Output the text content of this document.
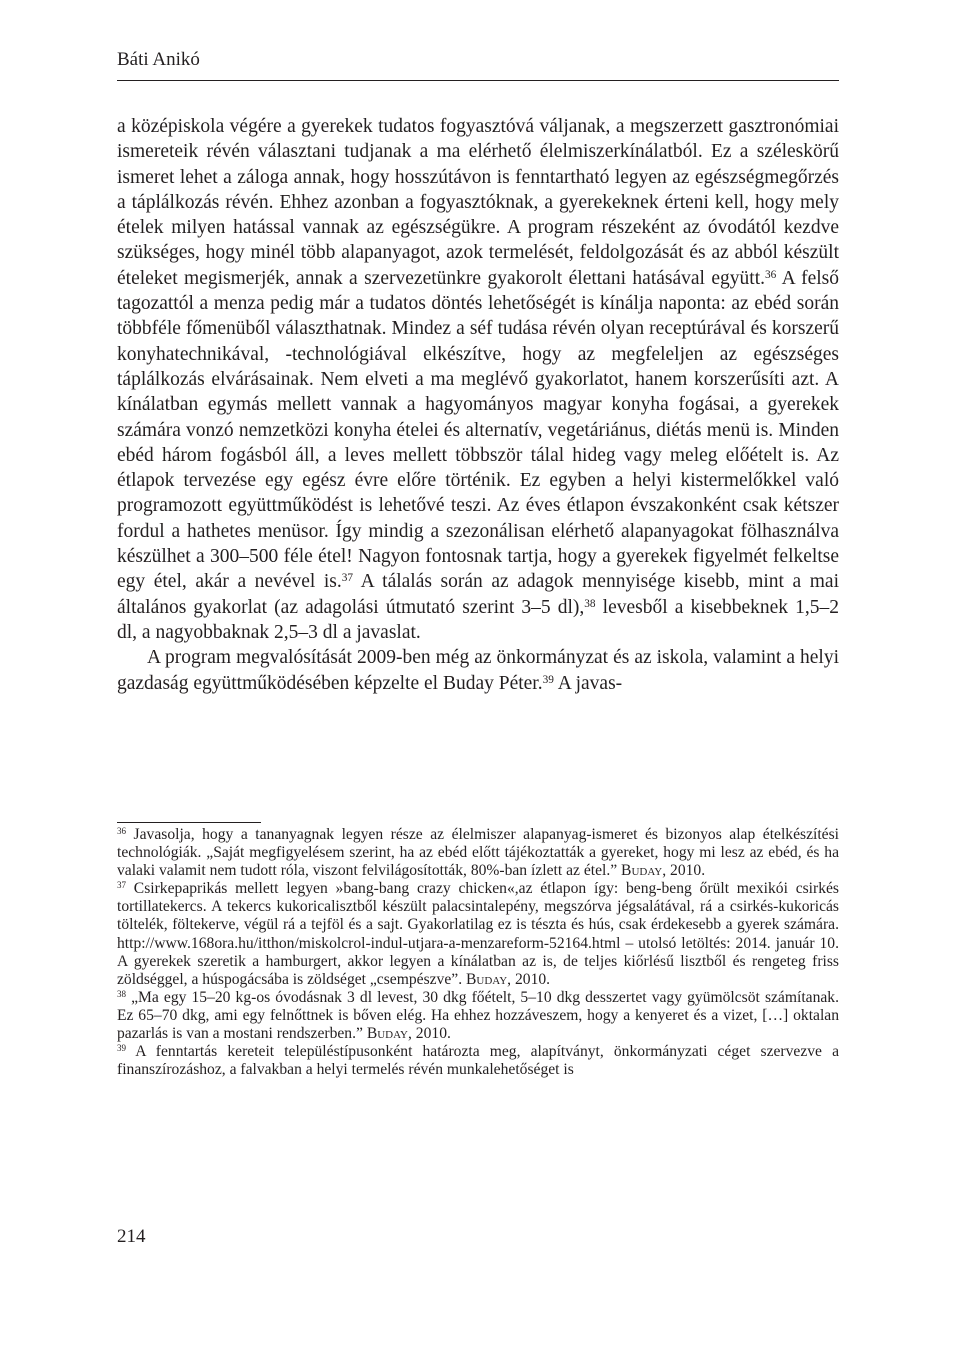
Báti Anikó

a középiskola végére a gyerekek tudatos fogyasztóvá váljanak, a megszerzett gasztronómiai ismereteik révén választani tudjanak a ma elérhető élelmiszerkínálatból. Ez a széleskörű ismeret lehet a záloga annak, hogy hosszútávon is fenntartható legyen az egészségmegőrzés a táplálkozás révén. Ehhez azonban a fogyasztóknak, a gyerekeknek érteni kell, hogy mely ételek milyen hatással vannak az egészségükre. A program részeként az óvodától kezdve szükséges, hogy minél több alapanyagot, azok termelését, feldolgozását és az abból készült ételeket megismerjék, annak a szervezetünkre gyakorolt élettani hatásával együtt.$^{36}$ A felső tagozattól a menza pedig már a tudatos döntés lehetőségét is kínálja naponta: az ebéd során többféle főmenüből választhatnak. Mindez a séf tudása révén olyan receptúrával és korszerű konyhatechnikával, -technológiával elkészítve, hogy az megfeleljen az egészséges táplálkozás elvárásainak. Nem elveti a ma meglévő gyakorlatot, hanem korszerűsíti azt. A kínálatban egymás mellett vannak a hagyományos magyar konyha fogásai, a gyerekek számára vonzó nemzetközi konyha ételei és alternatív, vegetáriánus, diétás menü is. Minden ebéd három fogásból áll, a leves mellett többször tálal hideg vagy meleg előételt is. Az étlapok tervezése egy egész évre előre történik. Ez egyben a helyi kistermelőkkel való programozott együttműködést is lehetővé teszi. Az éves étlapon évszakonként csak kétszer fordul a hathetes menüsor. Így mindig a szezonálisan elérhető alapanyagokat fölhasználva készülhet a 300–500 féle étel! Nagyon fontosnak tartja, hogy a gyerekek figyelmét felkeltse egy étel, akár a nevével is.$^{37}$ A tálalás során az adagok mennyisége kisebb, mint a mai általános gyakorlat (az adagolási útmutató szerint 3–5 dl),$^{38}$ levesből a kisebbeknek 1,5–2 dl, a nagyobbaknak 2,5–3 dl a javaslat.

A program megvalósítását 2009-ben még az önkormányzat és az iskola, valamint a helyi gazdaság együttműködésében képzelte el Buday Péter.$^{39}$ A javas-

$^{36}$ Javasolja, hogy a tananyagnak legyen része az élelmiszer alapanyag-ismeret és bizonyos alap ételkészítési technológiák. „Saját megfigyelésem szerint, ha az ebéd előtt tájékoztatták a gyereket, hogy mi lesz az ebéd, és ha valaki valamit nem tudott róla, viszont felvilágosították, 80%-ban ízlett az étel.” Buday, 2010.

$^{37}$ Csirkepaprikás mellett legyen »bang-bang crazy chicken«,az étlapon így: beng-beng őrült mexikói csirkés tortillatekercs. A tekercs kukoricalisztből készült palacsintalepény, megszórva jégsalátával, rá a csirkés-kukoricás töltelék, föltekerve, végül rá a tejföl és a sajt. Gyakorlatilag ez is tészta és hús, csak érdekesebb a gyerek számára. http://www.168ora.hu/itthon/miskolcrol-indul-utjara-a-menzareform-52164.html – utolsó letöltés: 2014. január 10. A gyerekek szeretik a hamburgert, akkor legyen a kínálatban az is, de teljes kiőrlésű lisztből és rengeteg friss zöldséggel, a húspogácsába is zöldséget „csempészve”. Buday, 2010.

$^{38}$ „Ma egy 15–20 kg-os óvodásnak 3 dl levest, 30 dkg főételt, 5–10 dkg desszertet vagy gyümölcsöt számítanak. Ez 65–70 dkg, ami egy felnőttnek is bőven elég. Ha ehhez hozzáveszem, hogy a kenyeret és a vizet, […] oktalan pazarlás is van a mostani rendszerben.” Buday, 2010.

$^{39}$ A fenntartás kereteit településtípusonként határozta meg, alapítványt, önkormányzati céget szervezve a finanszírozáshoz, a falvakban a helyi termelés révén munkalehetőséget is

214
